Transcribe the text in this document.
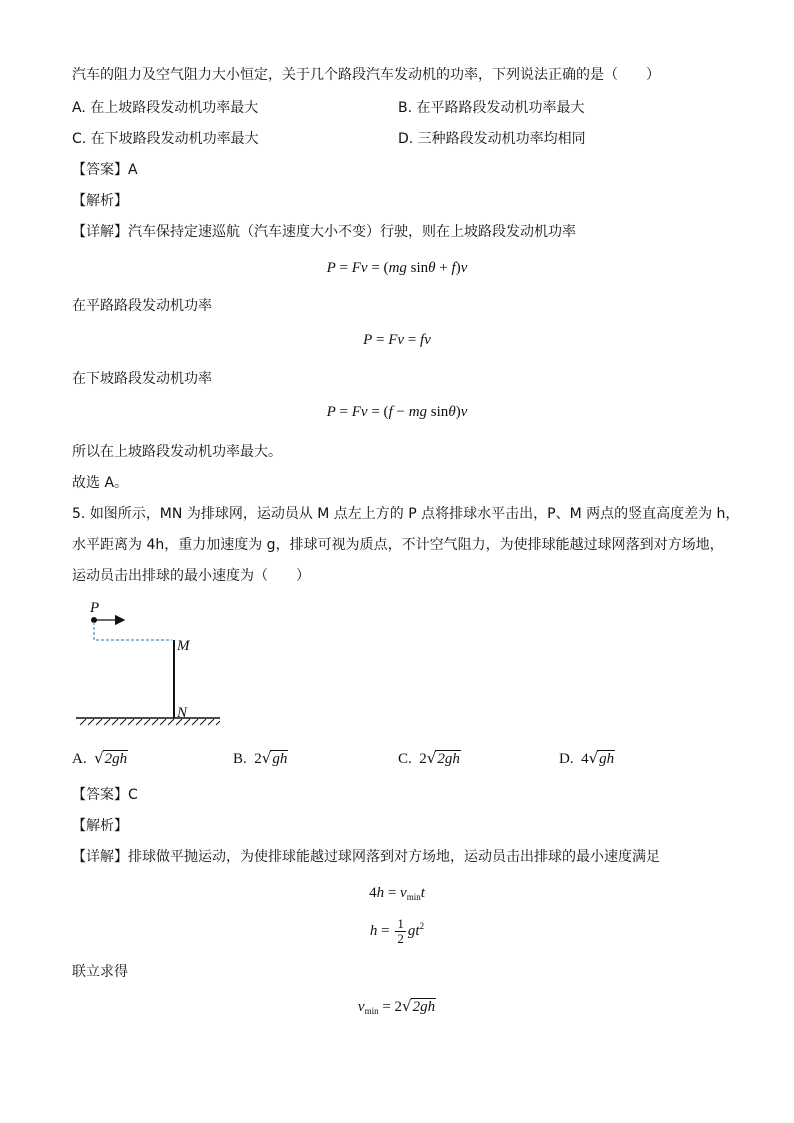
汽车的阻力及空气阻力大小恒定，关于几个路段汽车发动机的功率，下列说法正确的是（　　）
A. 在上坡路段发动机功率最大	B. 在平路路段发动机功率最大
C. 在下坡路段发动机功率最大	D. 三种路段发动机功率均相同
【答案】A
【解析】
【详解】汽车保持定速巡航（汽车速度大小不变）行驶，则在上坡路段发动机功率
P = Fv = (mg sinθ + f)v
在平路路段发动机功率
P = Fv = fv
在下坡路段发动机功率
P = Fv = (f − mg sinθ)v
所以在上坡路段发动机功率最大。
故选 A。
5. 如图所示，MN 为排球网，运动员从 M 点左上方的 P 点将排球水平击出，P、M 两点的竖直高度差为 h，
水平距离为 4h，重力加速度为 g，排球可视为质点，不计空气阻力，为使排球能越过球网落到对方场地，
运动员击出排球的最小速度为（　　）
P
M
N
A. √2gh	B. 2√gh	C. 2√2gh	D. 4√gh
【答案】C
【解析】
【详解】排球做平抛运动，为使排球能越过球网落到对方场地，运动员击出排球的最小速度满足
$4h = v_{min}t$
$h = \frac{1}{2} gt^2$
联立求得
$v_{min} = 2√2gh$
